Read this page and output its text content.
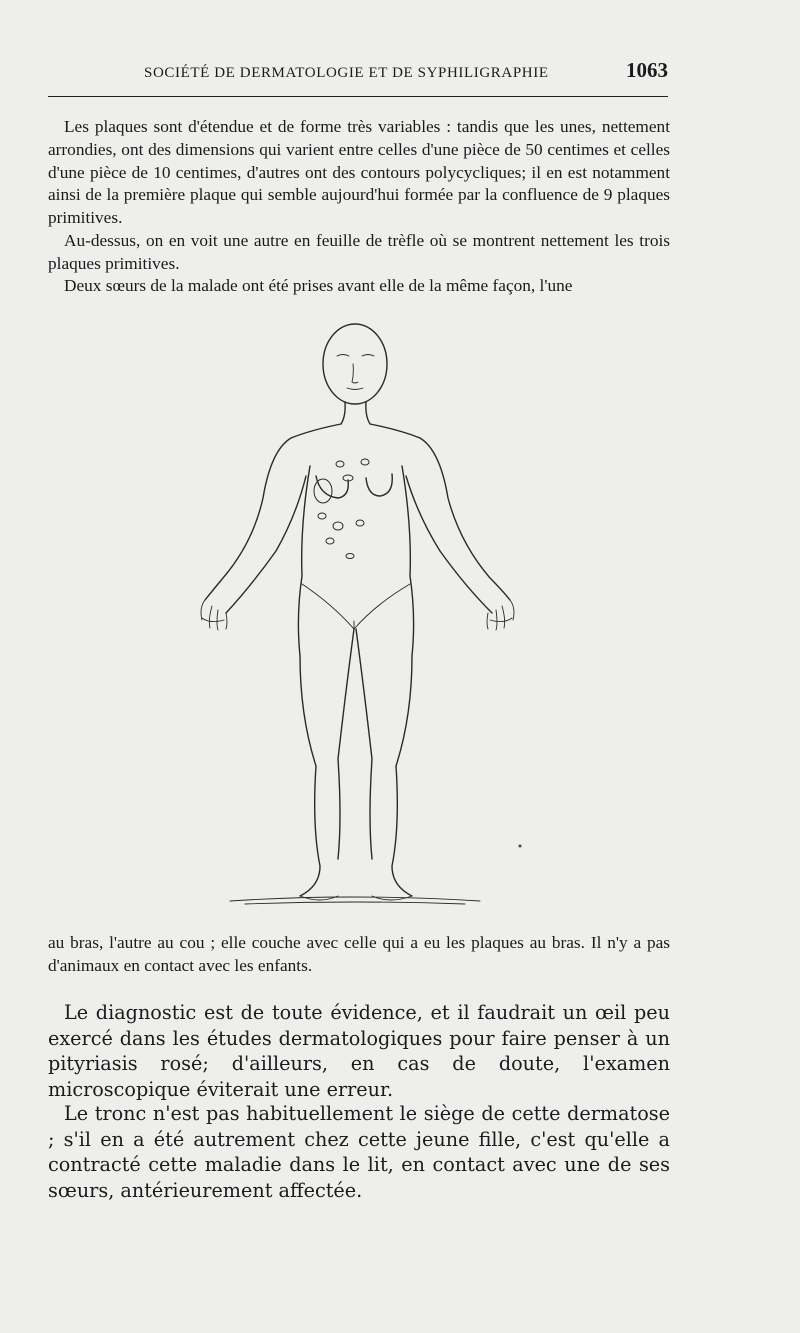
SOCIÉTÉ DE DERMATOLOGIE ET DE SYPHILIGRAPHIE	1063

Les plaques sont d'étendue et de forme très variables : tandis que les unes, nettement arrondies, ont des dimensions qui varient entre celles d'une pièce de 50 centimes et celles d'une pièce de 10 centimes, d'autres ont des contours polycycliques; il en est notamment ainsi de la première plaque qui semble aujourd'hui formée par la confluence de 9 plaques primitives.

Au-dessus, on en voit une autre en feuille de trèfle où se montrent nettement les trois plaques primitives.

Deux sœurs de la malade ont été prises avant elle de la même façon, l'une

au bras, l'autre au cou ; elle couche avec celle qui a eu les plaques au bras. Il n'y a pas d'animaux en contact avec les enfants.

Le diagnostic est de toute évidence, et il faudrait un œil peu exercé dans les études dermatologiques pour faire penser à un pityriasis rosé; d'ailleurs, en cas de doute, l'examen microscopique éviterait une erreur.

Le tronc n'est pas habituellement le siège de cette dermatose ; s'il en a été autrement chez cette jeune fille, c'est qu'elle a contracté cette maladie dans le lit, en contact avec une de ses sœurs, antérieurement affectée.
